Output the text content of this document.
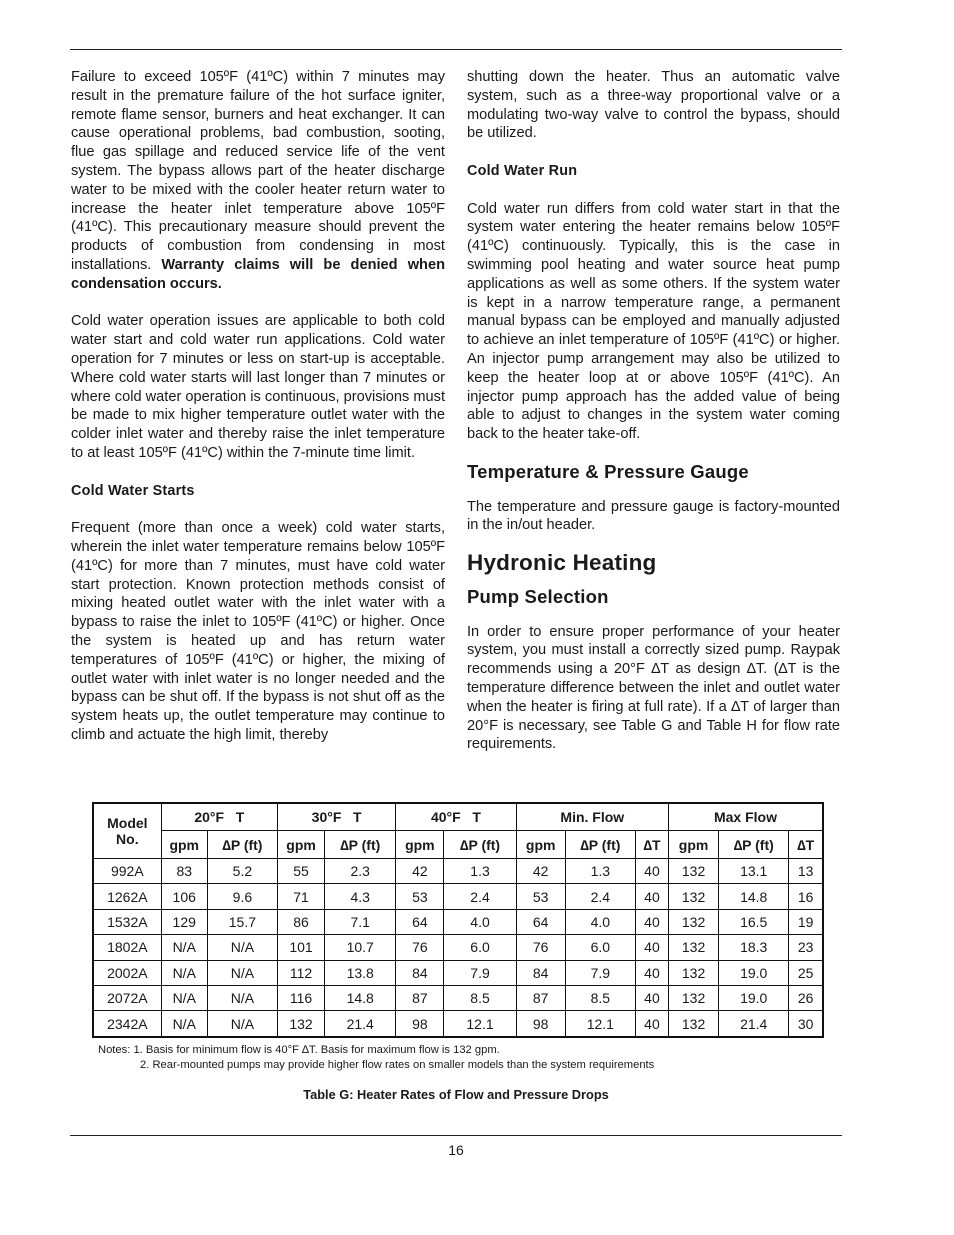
Failure to exceed 105ºF (41ºC) within 7 minutes may result in the premature failure of the hot surface igniter, remote flame sensor, burners and heat exchanger. It can cause operational problems, bad combustion, sooting, flue gas spillage and reduced service life of the vent system. The bypass allows part of the heater discharge water to be mixed with the cooler heater return water to increase the heater inlet temperature above 105ºF (41ºC). This precautionary measure should prevent the products of combustion from condensing in most installations. Warranty claims will be denied when condensation occurs.

Cold water operation issues are applicable to both cold water start and cold water run applications. Cold water operation for 7 minutes or less on start-up is acceptable. Where cold water starts will last longer than 7 minutes or where cold water operation is continuous, provisions must be made to mix higher temperature outlet water with the colder inlet water and thereby raise the inlet temperature to at least 105ºF (41ºC) within the 7-minute time limit.

Cold Water Starts

Frequent (more than once a week) cold water starts, wherein the inlet water temperature remains below 105ºF (41ºC) for more than 7 minutes, must have cold water start protection. Known protection methods consist of mixing heated outlet water with the inlet water with a bypass to raise the inlet to 105ºF (41ºC) or higher. Once the system is heated up and has return water temperatures of 105ºF (41ºC) or higher, the mixing of outlet water with inlet water is no longer needed and the bypass can be shut off. If the bypass is not shut off as the system heats up, the outlet temperature may continue to climb and actuate the high limit, thereby

shutting down the heater. Thus an automatic valve system, such as a three-way proportional valve or a modulating two-way valve to control the bypass, should be utilized.

Cold Water Run

Cold water run differs from cold water start in that the system water entering the heater remains below 105ºF (41ºC) continuously. Typically, this is the case in swimming pool heating and water source heat pump applications as well as some others. If the system water is kept in a narrow temperature range, a permanent manual bypass can be employed and manually adjusted to achieve an inlet temperature of 105ºF (41ºC) or higher. An injector pump arrangement may also be utilized to keep the heater loop at or above 105ºF (41ºC). An injector pump approach has the added value of being able to adjust to changes in the system water coming back to the heater take-off.

Temperature & Pressure Gauge

The temperature and pressure gauge is factory-mounted in the in/out header.

Hydronic Heating
Pump Selection

In order to ensure proper performance of your heater system, you must install a correctly sized pump. Raypak recommends using a 20°F ∆T as design ∆T. (∆T is the temperature difference between the inlet and outlet water when the heater is firing at full rate). If a ∆T of larger than 20°F is necessary, see Table G and Table H for flow rate requirements.

Model No.	20°F   T		30°F   T		40°F   T		Min. Flow			Max Flow		
	gpm	∆P (ft)	gpm	∆P (ft)	gpm	∆P (ft)	gpm	∆P (ft)	∆T	gpm	∆P (ft)	∆T
992A	83	5.2	55	2.3	42	1.3	42	1.3	40	132	13.1	13
1262A	106	9.6	71	4.3	53	2.4	53	2.4	40	132	14.8	16
1532A	129	15.7	86	7.1	64	4.0	64	4.0	40	132	16.5	19
1802A	N/A	N/A	101	10.7	76	6.0	76	6.0	40	132	18.3	23
2002A	N/A	N/A	112	13.8	84	7.9	84	7.9	40	132	19.0	25
2072A	N/A	N/A	116	14.8	87	8.5	87	8.5	40	132	19.0	26
2342A	N/A	N/A	132	21.4	98	12.1	98	12.1	40	132	21.4	30
Notes: 1. Basis for minimum flow is 40°F ∆T. Basis for maximum flow is 132 gpm.
2. Rear-mounted pumps may provide higher flow rates on smaller models than the system requirements
Table G: Heater Rates of Flow and Pressure Drops
16
